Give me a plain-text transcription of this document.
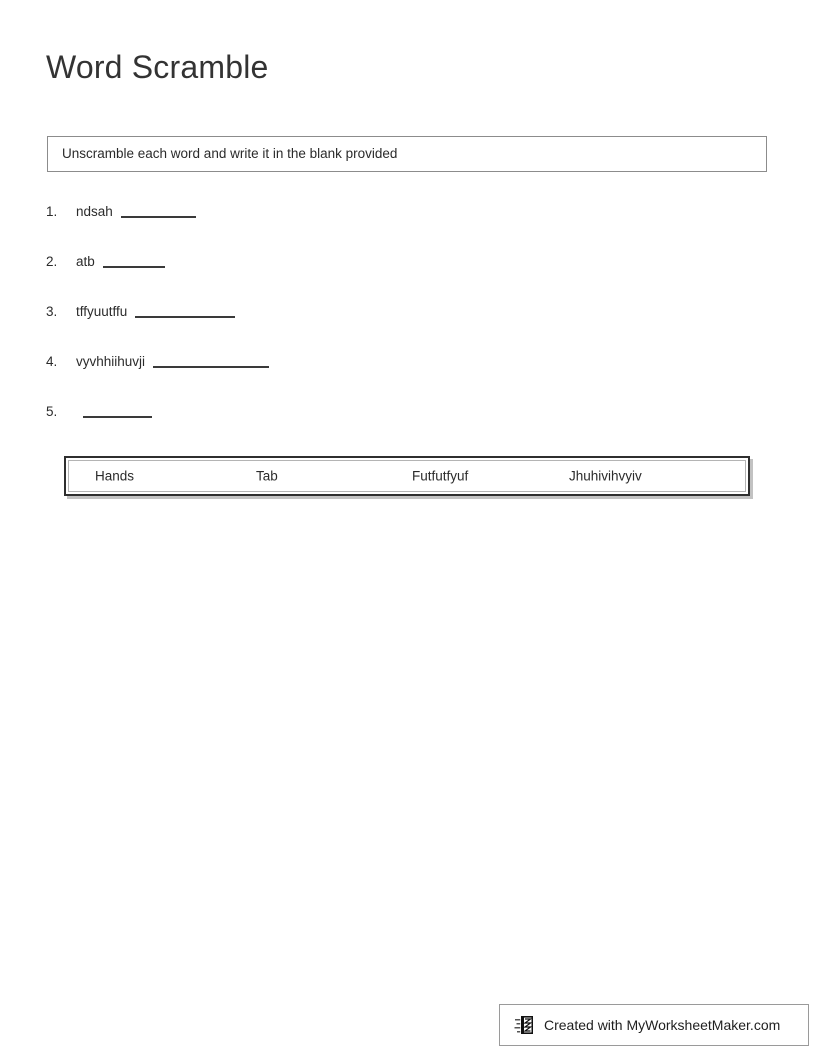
Word Scramble
Unscramble each word and write it in the blank provided
1.	ndsah
2.	atb
3.	tffyuutffu
4.	vyvhhiihuvji
5.
Hands	Tab	Futfutfyuf	Jhuhivihvyiv
Created with MyWorksheetMaker.com
